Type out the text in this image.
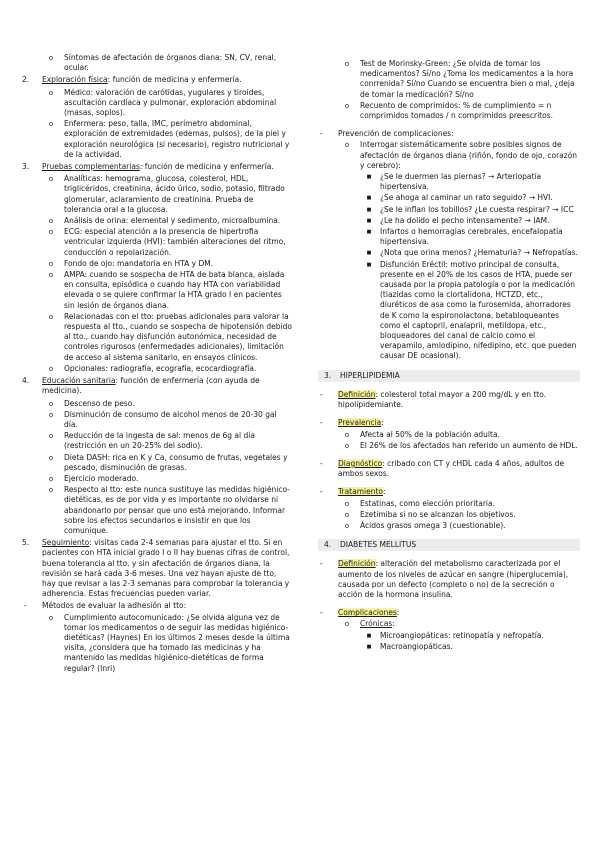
o	Síntomas de afectación de órganos diana: SN, CV, renal, ocular.
2.	Exploración física: función de medicina y enfermería.
o	Médico: valoración de carótidas, yugulares y tiroides, ascultación cardíaca y pulmonar, exploración abdominal (masas, soplos).
o	Enfermera: peso, talla, IMC, perímetro abdominal, exploración de extremidades (edemas, pulsos), de la piel y exploración neurológica (si necesario), registro nutricional y de la actividad.
3.	Pruebas complementarias: función de medicina y enfermería.
o	Analíticas: hemograma, glucosa, colesterol, HDL, triglicéridos, creatinina, ácido úrico, sodio, potasio, filtrado glomerular, aclaramiento de creatinina. Prueba de tolerancia oral a la glucosa.
o	Análisis de orina: elemental y sedimento, microalbumina.
o	ECG: especial atención a la presencia de hipertrofia ventricular izquierda (HVI): también alteraciones del ritmo, conducción o repolarización.
o	Fondo de ojo: mandatoria en HTA y DM.
o	AMPA: cuando se sospecha de HTA de bata blanca, aislada en consulta, episódica o cuando hay HTA con variabilidad elevada o se quiere confirmar la HTA grado I en pacientes sin lesión de órganos diana.
o	Relacionadas con el tto: pruebas adicionales para valorar la respuesta al tto., cuando se sospecha de hipotensión debido al tto., cuando hay disfunción autonómica, necesidad de controles rigurosos (enfermedades adicionales), limitación de acceso al sistema sanitario, en ensayos clínicos.
o	Opcionales: radiografía, ecografía, ecocardiografía.
4.	Educación sanitaria: función de enfermería (con ayuda de medicina).
o	Descenso de peso.
o	Disminución de consumo de alcohol menos de 20-30 gal día.
o	Reducción de la ingesta de sal: menos de 6g al día (restricción en un 20-25% del sodio).
o	Dieta DASH: rica en K y Ca, consumo de frutas, vegetales y pescado, disminución de grasas.
o	Ejercicio moderado.
o	Respecto al tto: este nunca sustituye las medidas higiénico-dietéticas, es de por vida y es importante no olvidarse ni abandonarlo por pensar que uno está mejorando. Informar sobre los efectos secundarios e insistir en que los comunique.
5.	Seguimiento: visitas cada 2-4 semanas para ajustar el tto. Si en pacientes con HTA inicial grado I o II hay buenas cifras de control, buena tolerancia al tto. y sin afectación de órganos diana, la revisión se hará cada 3-6 meses. Una vez hayan ajuste de tto, hay que revisar a las 2-3 semanas para comprobar la tolerancia y adherencia. Estas frecuencias pueden variar.
-	Métodos de evaluar la adhesión al tto:
o	Cumplimiento autocomunicado: ¿Se olvida alguna vez de tomar los medicamentos o de seguir las medidas higiénico-dietéticas? (Haynes) En los últimos 2 meses desde la última visita, ¿considera que ha tomado las medicinas y ha mantenido las medidas higiénico-dietéticas de forma regular? (Inri)
o	Test de Morinsky-Green: ¿Se olvida de tomar los medicamentos? Sí/no ¿Toma los medicamentos a la hora conrrenida? Sí/no Cuando se encuentra bien o mal, ¿deja de tomar la medicación? Sí/no
o	Recuento de comprimidos: % de cumplimiento = n comprimidos tomados / n comprimidos preescritos.
-	Prevención de complicaciones:
o	Interrogar sistemáticamente sobre posibles signos de afectación de órganos diana (riñón, fondo de ojo, corazón y cerebro):
■	¿Se le duermen las piernas? → Arteriopatía hipertensiva.
■	¿Se ahoga al caminar un rato seguido? → HVI.
■	¿Se le inflan los tobillos? ¿Le cuesta respirar? → ICC
■	¿Le ha dolido el pecho intensamente? → IAM.
■	Infartos o hemorragias cerebrales, encefalopatía hipertensiva.
■	¿Nota que orina menos? ¿Hematuria? → Nefropatías.
■	Disfunción Eréctil: motivo principal de consulta, presente en el 20% de los casos de HTA, puede ser causada por la propia patología o por la medicación (tiazidas como la clortalidona, HCTZD, etc., diuréticos de asa como la furosemida, ahorradores de K como la espironolactona, betabloqueantes como el captopril, enalapril, metildopa, etc., bloqueadores del canal de calcio como el verapamilo, amlodipino, nifedipino, etc. que pueden causar DE ocasional).
3. HIPERLIPIDEMIA
-	Definición: colesterol total mayor a 200 mg/dL y en tto. hipolipidemiante.
-	Prevalencia:
o	Afecta al 50% de la población adulta.
o	El 26% de los afectados han referido un aumento de HDL.
-	Diagnóstico: cribado con CT y cHDL cada 4 años, adultos de ambos sexos.
-	Tratamiento:
o	Estatinas, como elección prioritaria.
o	Ezetimiba si no se alcanzan los objetivos.
o	Ácidos grasos omega 3 (cuestionable).
4. DIABETES MELLITUS
-	Definición: alteración del metabolismo caracterizada por el aumento de los niveles de azúcar en sangre (hiperglucemia), causada por un defecto (completo o no) de la secreción o acción de la hormona insulina.
-	Complicaciones:
o	Crónicas:
■	Microangiopáticas: retinopatía y nefropatía.
■	Macroangiopáticas.
